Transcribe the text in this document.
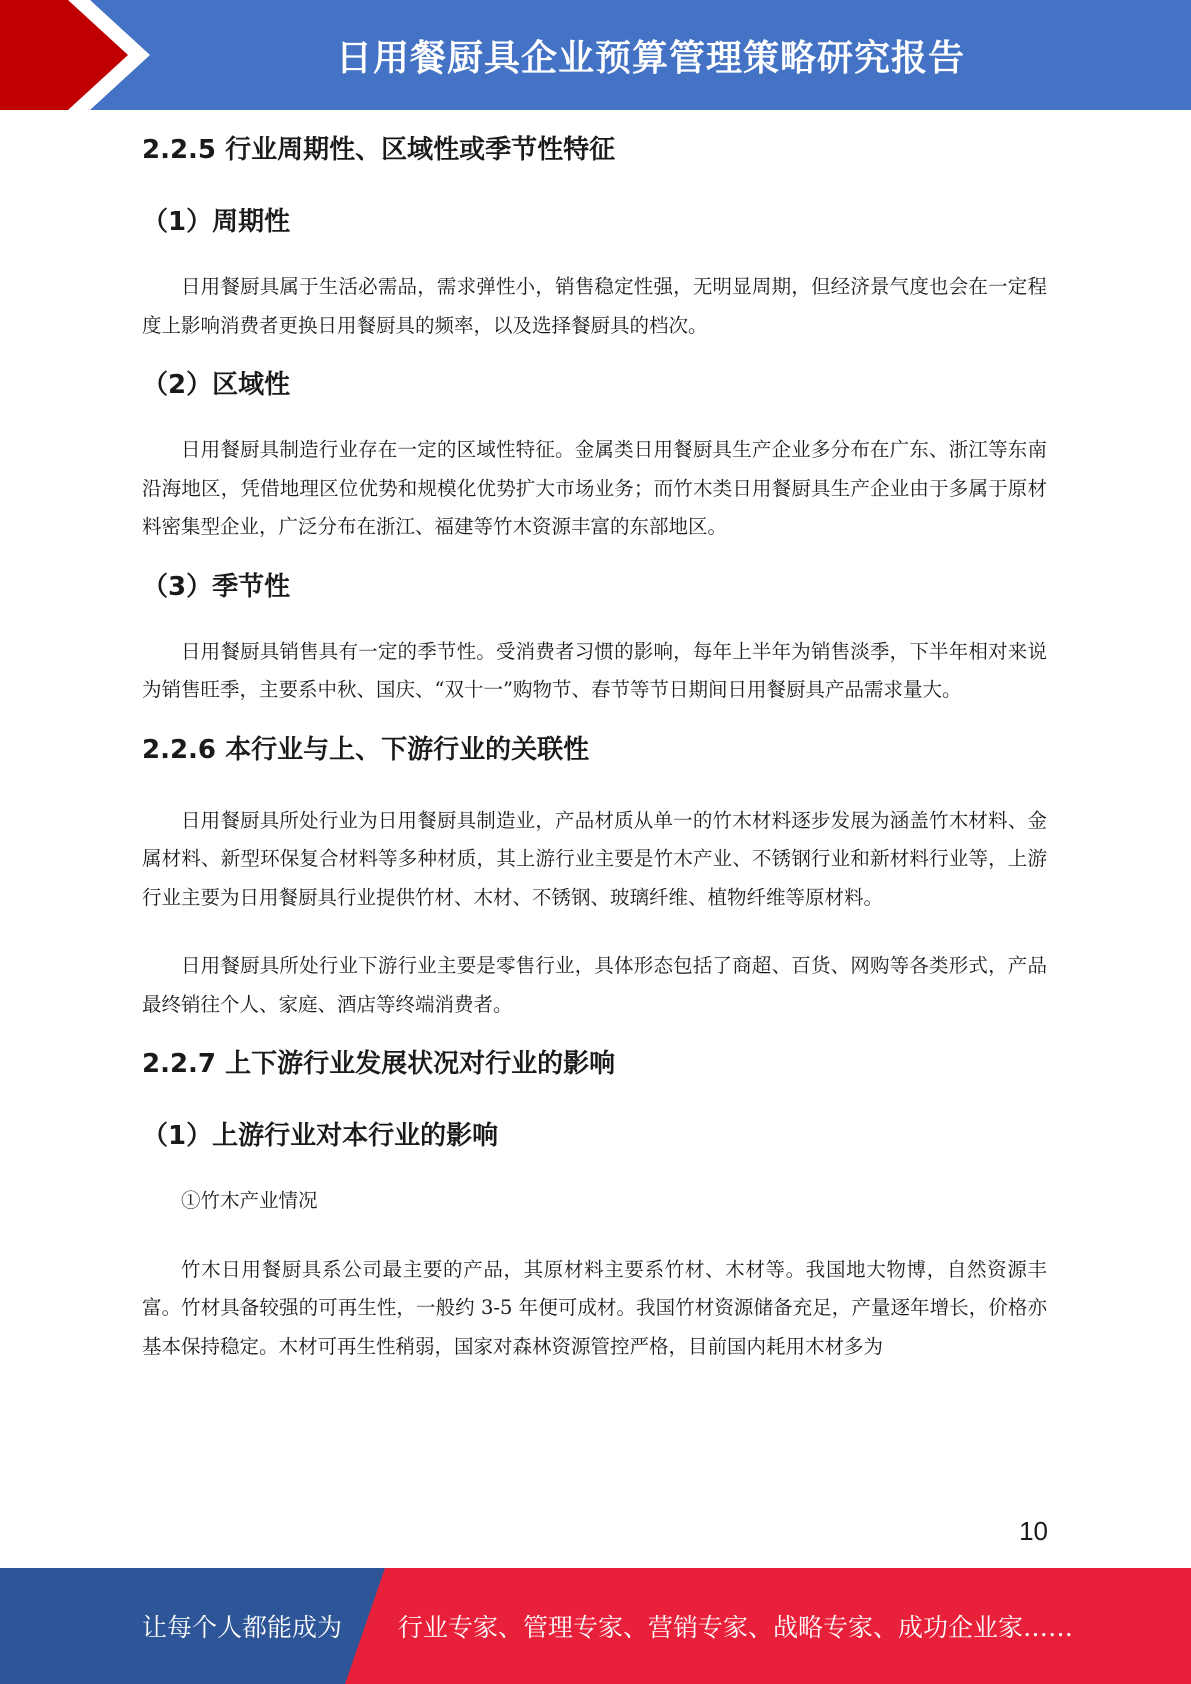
日用餐厨具企业预算管理策略研究报告
2.2.5 行业周期性、区域性或季节性特征
（1）周期性

日用餐厨具属于生活必需品，需求弹性小，销售稳定性强，无明显周期，但经济景气度也会在一定程度上影响消费者更换日用餐厨具的频率，以及选择餐厨具的档次。

（2）区域性

日用餐厨具制造行业存在一定的区域性特征。金属类日用餐厨具生产企业多分布在广东、浙江等东南沿海地区，凭借地理区位优势和规模化优势扩大市场业务；而竹木类日用餐厨具生产企业由于多属于原材料密集型企业，广泛分布在浙江、福建等竹木资源丰富的东部地区。

（3）季节性

日用餐厨具销售具有一定的季节性。受消费者习惯的影响，每年上半年为销售淡季，下半年相对来说为销售旺季，主要系中秋、国庆、“双十一”购物节、春节等节日期间日用餐厨具产品需求量大。

2.2.6 本行业与上、下游行业的关联性

日用餐厨具所处行业为日用餐厨具制造业，产品材质从单一的竹木材料逐步发展为涵盖竹木材料、金属材料、新型环保复合材料等多种材质，其上游行业主要是竹木产业、不锈钢行业和新材料行业等，上游行业主要为日用餐厨具行业提供竹材、木材、不锈钢、玻璃纤维、植物纤维等原材料。

日用餐厨具所处行业下游行业主要是零售行业，具体形态包括了商超、百货、网购等各类形式，产品最终销往个人、家庭、酒店等终端消费者。

2.2.7 上下游行业发展状况对行业的影响
（1）上游行业对本行业的影响

①竹木产业情况

竹木日用餐厨具系公司最主要的产品，其原材料主要系竹材、木材等。我国地大物博，自然资源丰富。竹材具备较强的可再生性，一般约 3-5 年便可成材。我国竹材资源储备充足，产量逐年增长，价格亦基本保持稳定。木材可再生性稍弱，国家对森林资源管控严格，目前国内耗用木材多为

10
让每个人都能成为 行业专家、管理专家、营销专家、战略专家、成功企业家……
